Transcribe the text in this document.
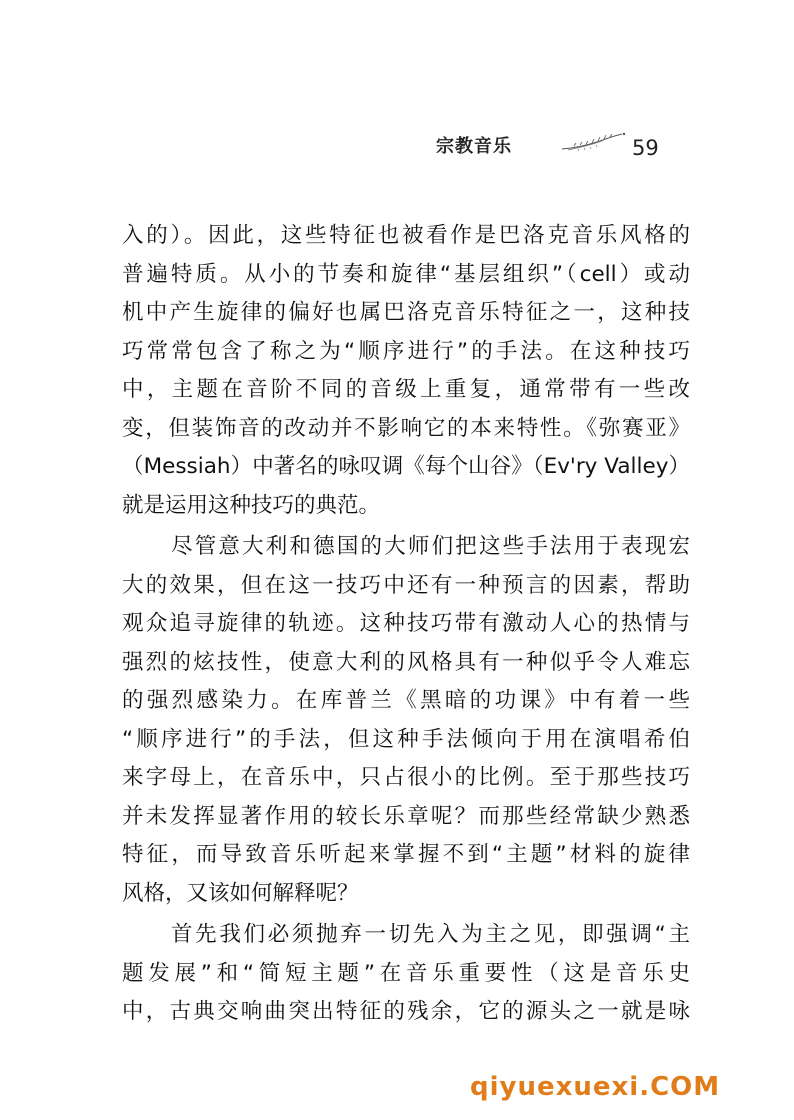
宗教音乐	59
入的）。因此，这些特征也被看作是巴洛克音乐风格的
普遍特质。从小的节奏和旋律“基层组织”（cell）或动
机中产生旋律的偏好也属巴洛克音乐特征之一，这种技
巧常常包含了称之为“顺序进行”的手法。在这种技巧
中，主题在音阶不同的音级上重复，通常带有一些改
变，但装饰音的改动并不影响它的本来特性。《弥赛亚》
（Messiah）中著名的咏叹调《每个山谷》（Ev'ry Valley）
就是运用这种技巧的典范。
尽管意大利和德国的大师们把这些手法用于表现宏
大的效果，但在这一技巧中还有一种预言的因素，帮助
观众追寻旋律的轨迹。这种技巧带有激动人心的热情与
强烈的炫技性，使意大利的风格具有一种似乎令人难忘
的强烈感染力。在库普兰《黑暗的功课》中有着一些
“顺序进行”的手法，但这种手法倾向于用在演唱希伯
来字母上，在音乐中，只占很小的比例。至于那些技巧
并未发挥显著作用的较长乐章呢？而那些经常缺少熟悉
特征，而导致音乐听起来掌握不到“主题”材料的旋律
风格，又该如何解释呢？
首先我们必须抛弃一切先入为主之见，即强调“主
题发展”和“简短主题”在音乐重要性（这是音乐史
中，古典交响曲突出特征的残余，它的源头之一就是咏
qiyuexuexi.COM
